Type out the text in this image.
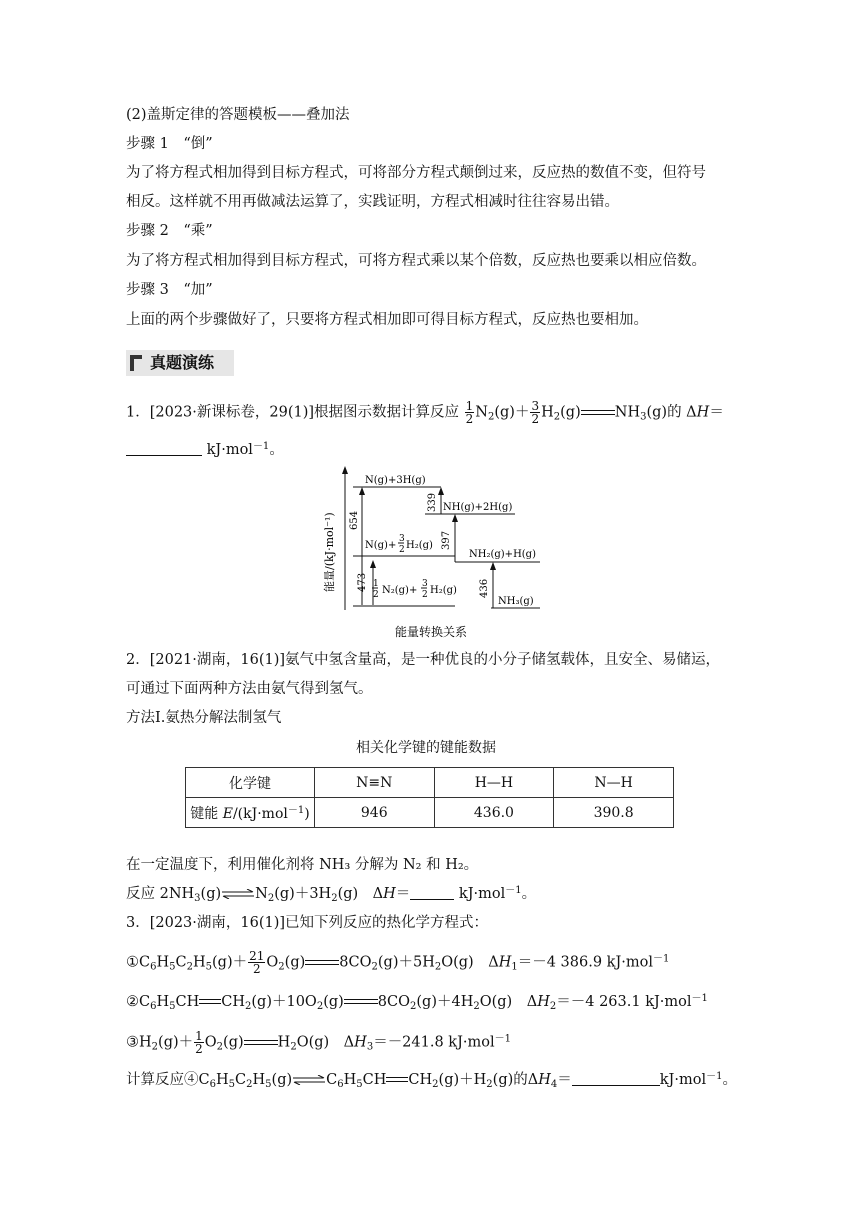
(2)盖斯定律的答题模板——叠加法
步骤 1　“倒”
为了将方程式相加得到目标方程式，可将部分方程式颠倒过来，反应热的数值不变，但符号
相反。这样就不用再做减法运算了，实践证明，方程式相减时往往容易出错。
步骤 2　“乘”
为了将方程式相加得到目标方程式，可将方程式乘以某个倍数，反应热也要乘以相应倍数。
步骤 3　“加”
上面的两个步骤做好了，只要将方程式相加即可得目标方程式，反应热也要相加。
真题演练
1．[2023·新课标卷，29(1)]根据图示数据计算反应 $\frac{1}{2} N_2(g)+ \frac{3}{2} H_2(g)$ $NH_3(g)$的 ΔH＝
kJ·mol$^{-1}$。
能量/(kJ·mol⁻¹)
N(g)+3H(g)
1
2 N₂(g)+
3
2 H₂(g)
473
N(g)+
3
2 H₂(g)
654
339 NH(g)+2H(g)
397
NH₂(g)+H(g)
436
NH₃(g)
能量转换关系
2．[2021·湖南，16(1)]氨气中氢含量高，是一种优良的小分子储氢载体，且安全、易储运，
可通过下面两种方法由氨气得到氢气。
方法Ⅰ.氨热分解法制氢气
相关化学键的键能数据
化学键	N≡N	H—H	N—H
键能 E/(kJ·mol$^{-1}$)	946	436.0	390.8
在一定温度下，利用催化剂将 NH₃ 分解为 N₂ 和 H₂。
反应 $2NH_3(g)$ $N_2(g)+3H_2(g)$　ΔH＝	kJ·mol$^{-1}$。
3．[2023·湖南，16(1)]已知下列反应的热化学方程式：
$①C_6H_5C_2H_5(g)+ \frac{21}{2} O_2(g)$ $8CO_2(g)+5H_2O(g)$　$\Delta H_1=-4$ 386.9 kJ·mol$^{-1}$
$②C_6H_5CH$ $CH_2(g)+10O_2(g)$ $8CO_2(g)+4H_2O(g)$　$\Delta H_2=-4$ 263.1 kJ·mol$^{-1}$
$③H_2(g)+ \frac{1}{2} O_2(g)$ $H_2O(g)$　$\Delta H_3=-241.8$ kJ·mol$^{-1}$
计算反应$④C_6H_5C_2H_5(g)$ $C_6H_5CH$ $CH_2(g)+H_2(g)$的$\Delta H_4=$	kJ·mol$^{-1}$。
